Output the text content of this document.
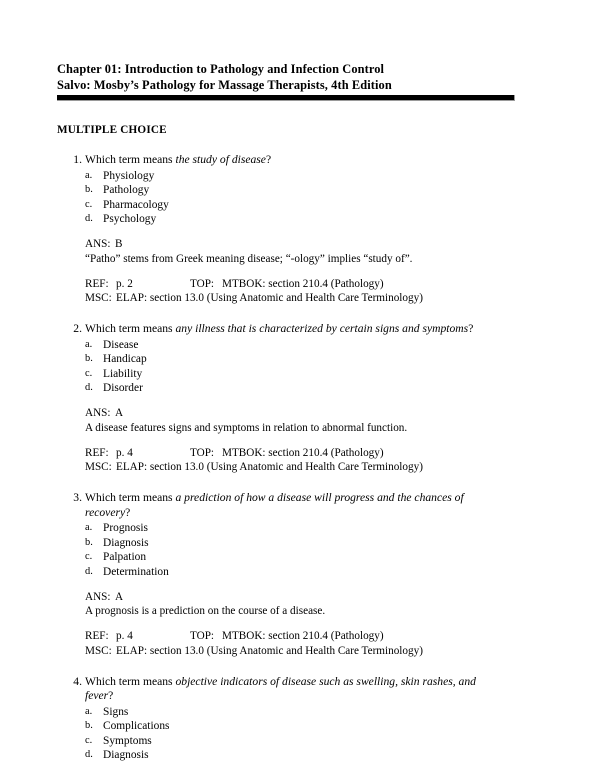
Chapter 01: Introduction to Pathology and Infection Control
Salvo: Mosby’s Pathology for Massage Therapists, 4th Edition
MULTIPLE CHOICE
1. Which term means the study of disease?
a. Physiology
b. Pathology
c. Pharmacology
d. Psychology
ANS: B
“Patho” stems from Greek meaning disease; “-ology” implies “study of”.
REF: p. 2	TOP: MTBOK: section 210.4 (Pathology)
MSC: ELAP: section 13.0 (Using Anatomic and Health Care Terminology)
2. Which term means any illness that is characterized by certain signs and symptoms?
a. Disease
b. Handicap
c. Liability
d. Disorder
ANS: A
A disease features signs and symptoms in relation to abnormal function.
REF: p. 4	TOP: MTBOK: section 210.4 (Pathology)
MSC: ELAP: section 13.0 (Using Anatomic and Health Care Terminology)
3. Which term means a prediction of how a disease will progress and the chances of
recovery?
a. Prognosis
b. Diagnosis
c. Palpation
d. Determination
ANS: A
A prognosis is a prediction on the course of a disease.
REF: p. 4	TOP: MTBOK: section 210.4 (Pathology)
MSC: ELAP: section 13.0 (Using Anatomic and Health Care Terminology)
4. Which term means objective indicators of disease such as swelling, skin rashes, and
fever?
a. Signs
b. Complications
c. Symptoms
d. Diagnosis
